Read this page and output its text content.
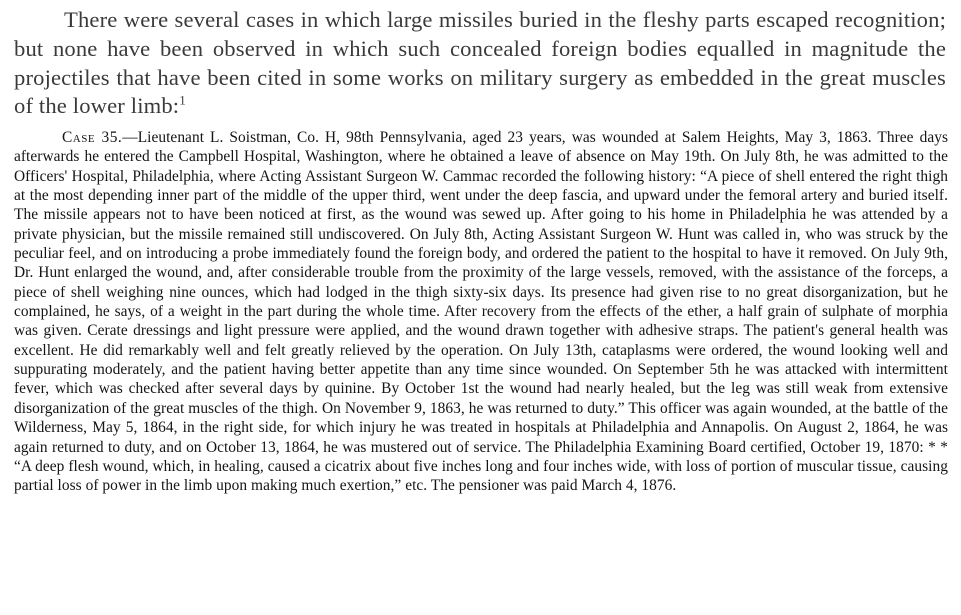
There were several cases in which large missiles buried in the fleshy parts escaped recognition; but none have been observed in which such concealed foreign bodies equalled in magnitude the projectiles that have been cited in some works on military surgery as embedded in the great muscles of the lower limb:$^1$

Case 35.—Lieutenant L. Soistman, Co. H, 98th Pennsylvania, aged 23 years, was wounded at Salem Heights, May 3, 1863. Three days afterwards he entered the Campbell Hospital, Washington, where he obtained a leave of absence on May 19th. On July 8th, he was admitted to the Officers' Hospital, Philadelphia, where Acting Assistant Surgeon W. Cammac recorded the following history: “A piece of shell entered the right thigh at the most depending inner part of the middle of the upper third, went under the deep fascia, and upward under the femoral artery and buried itself. The missile appears not to have been noticed at first, as the wound was sewed up. After going to his home in Philadelphia he was attended by a private physician, but the missile remained still undiscovered. On July 8th, Acting Assistant Surgeon W. Hunt was called in, who was struck by the peculiar feel, and on introducing a probe immediately found the foreign body, and ordered the patient to the hospital to have it removed. On July 9th, Dr. Hunt enlarged the wound, and, after considerable trouble from the proximity of the large vessels, removed, with the assistance of the forceps, a piece of shell weighing nine ounces, which had lodged in the thigh sixty-six days. Its presence had given rise to no great disorganization, but he complained, he says, of a weight in the part during the whole time. After recovery from the effects of the ether, a half grain of sulphate of morphia was given. Cerate dressings and light pressure were applied, and the wound drawn together with adhesive straps. The patient's general health was excellent. He did remarkably well and felt greatly relieved by the operation. On July 13th, cataplasms were ordered, the wound looking well and suppurating moderately, and the patient having better appetite than any time since wounded. On September 5th he was attacked with intermittent fever, which was checked after several days by quinine. By October 1st the wound had nearly healed, but the leg was still weak from extensive disorganization of the great muscles of the thigh. On November 9, 1863, he was returned to duty.” This officer was again wounded, at the battle of the Wilderness, May 5, 1864, in the right side, for which injury he was treated in hospitals at Philadelphia and Annapolis. On August 2, 1864, he was again returned to duty, and on October 13, 1864, he was mustered out of service. The Philadelphia Examining Board certified, October 19, 1870: * * “A deep flesh wound, which, in healing, caused a cicatrix about five inches long and four inches wide, with loss of portion of muscular tissue, causing partial loss of power in the limb upon making much exertion,” etc. The pensioner was paid March 4, 1876.
